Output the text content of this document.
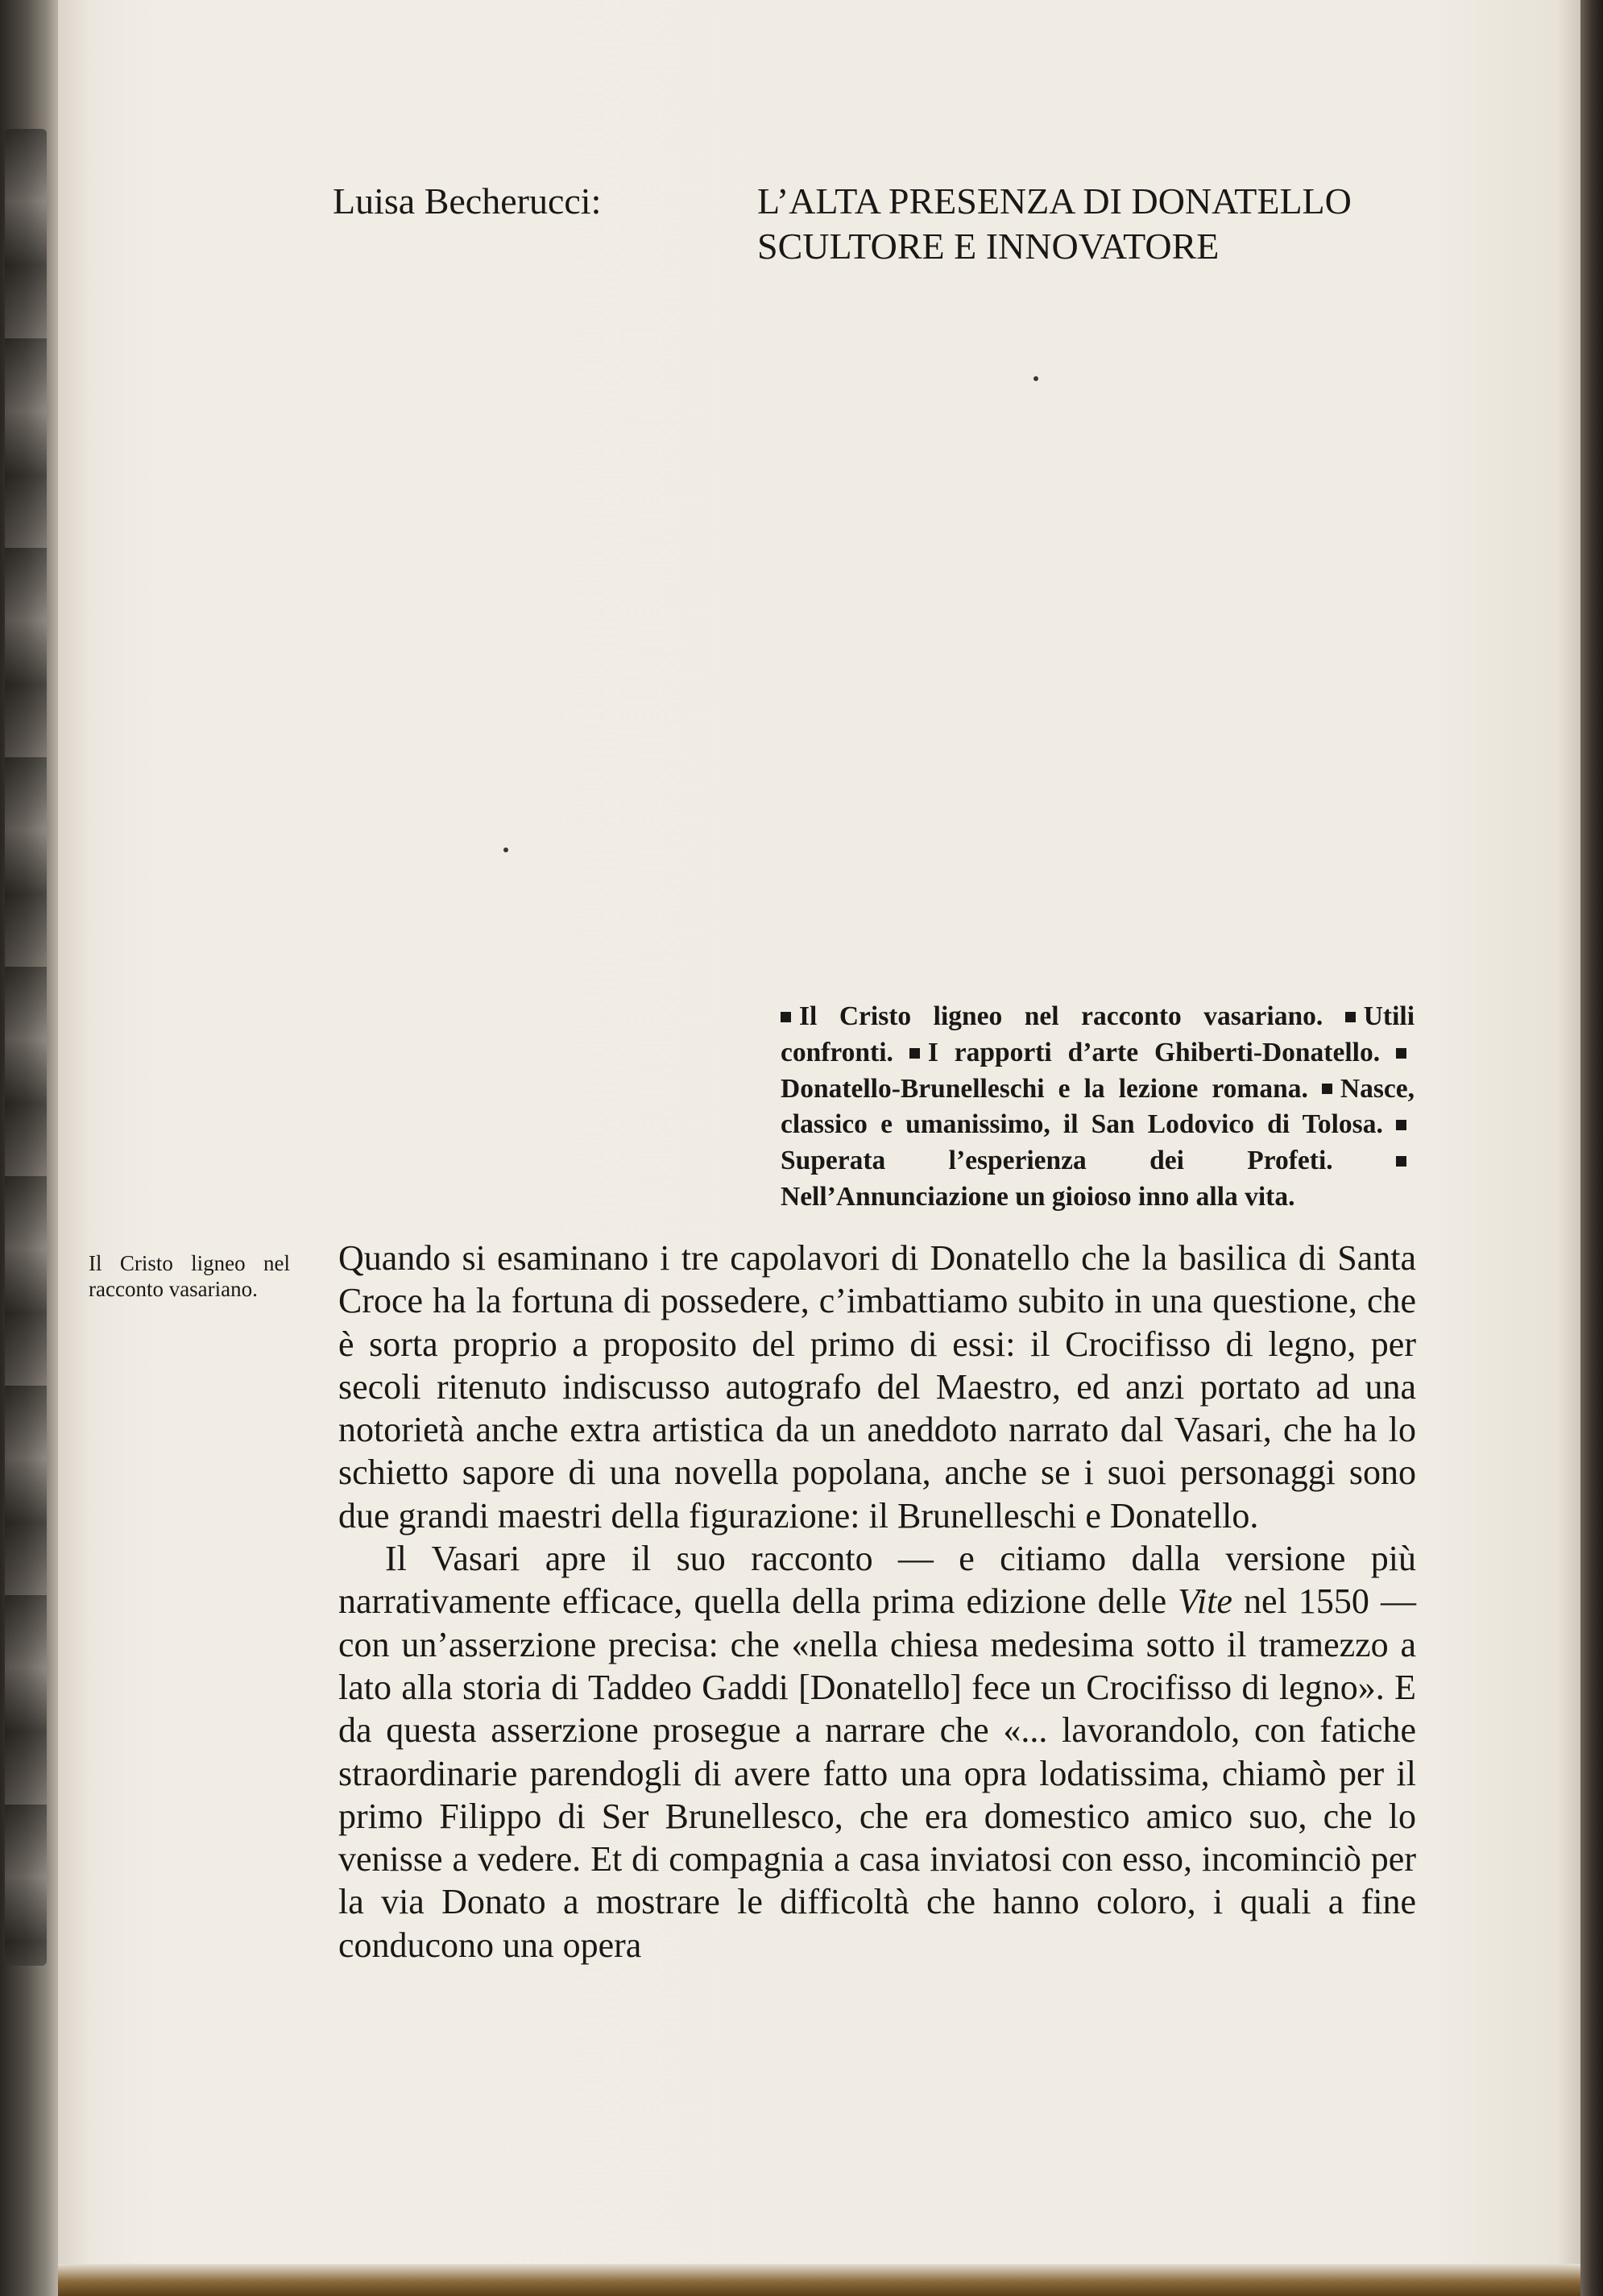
Luisa Becherucci:	L’ALTA PRESENZA DI DONATELLO
SCULTORE E INNOVATORE

Il Cristo ligneo nel racconto vasariano. Utili confronti. I rapporti d’arte Ghiberti-Donatello. Donatello-Brunelleschi e la lezione romana. Nasce, classico e umanissimo, il San Lodovico di Tolosa. Superata l’esperienza dei Profeti. Nell’Annunciazione un gioioso inno alla vita.

Il Cristo ligneo nel racconto vasariano.

Quando si esaminano i tre capolavori di Donatello che la basilica di Santa Croce ha la fortuna di possedere, c’imbattiamo subito in una questione, che è sorta proprio a proposito del primo di essi: il Crocifisso di legno, per secoli ritenuto indiscusso autografo del Maestro, ed anzi portato ad una notorietà anche extra artistica da un aneddoto narrato dal Vasari, che ha lo schietto sapore di una novella popolana, anche se i suoi personaggi sono due grandi maestri della figurazione: il Brunelleschi e Donatello.

Il Vasari apre il suo racconto — e citiamo dalla versione più narrativamente efficace, quella della prima edizione delle Vite nel 1550 — con un’asserzione precisa: che «nella chiesa medesima sotto il tramezzo a lato alla storia di Taddeo Gaddi [Donatello] fece un Crocifisso di legno». E da questa asserzione prosegue a narrare che «... lavorandolo, con fatiche straordinarie parendogli di avere fatto una opra lodatissima, chiamò per il primo Filippo di Ser Brunellesco, che era domestico amico suo, che lo venisse a vedere. Et di compagnia a casa inviatosi con esso, incominciò per la via Donato a mostrare le difficoltà che hanno coloro, i quali a fine conducono una opera
